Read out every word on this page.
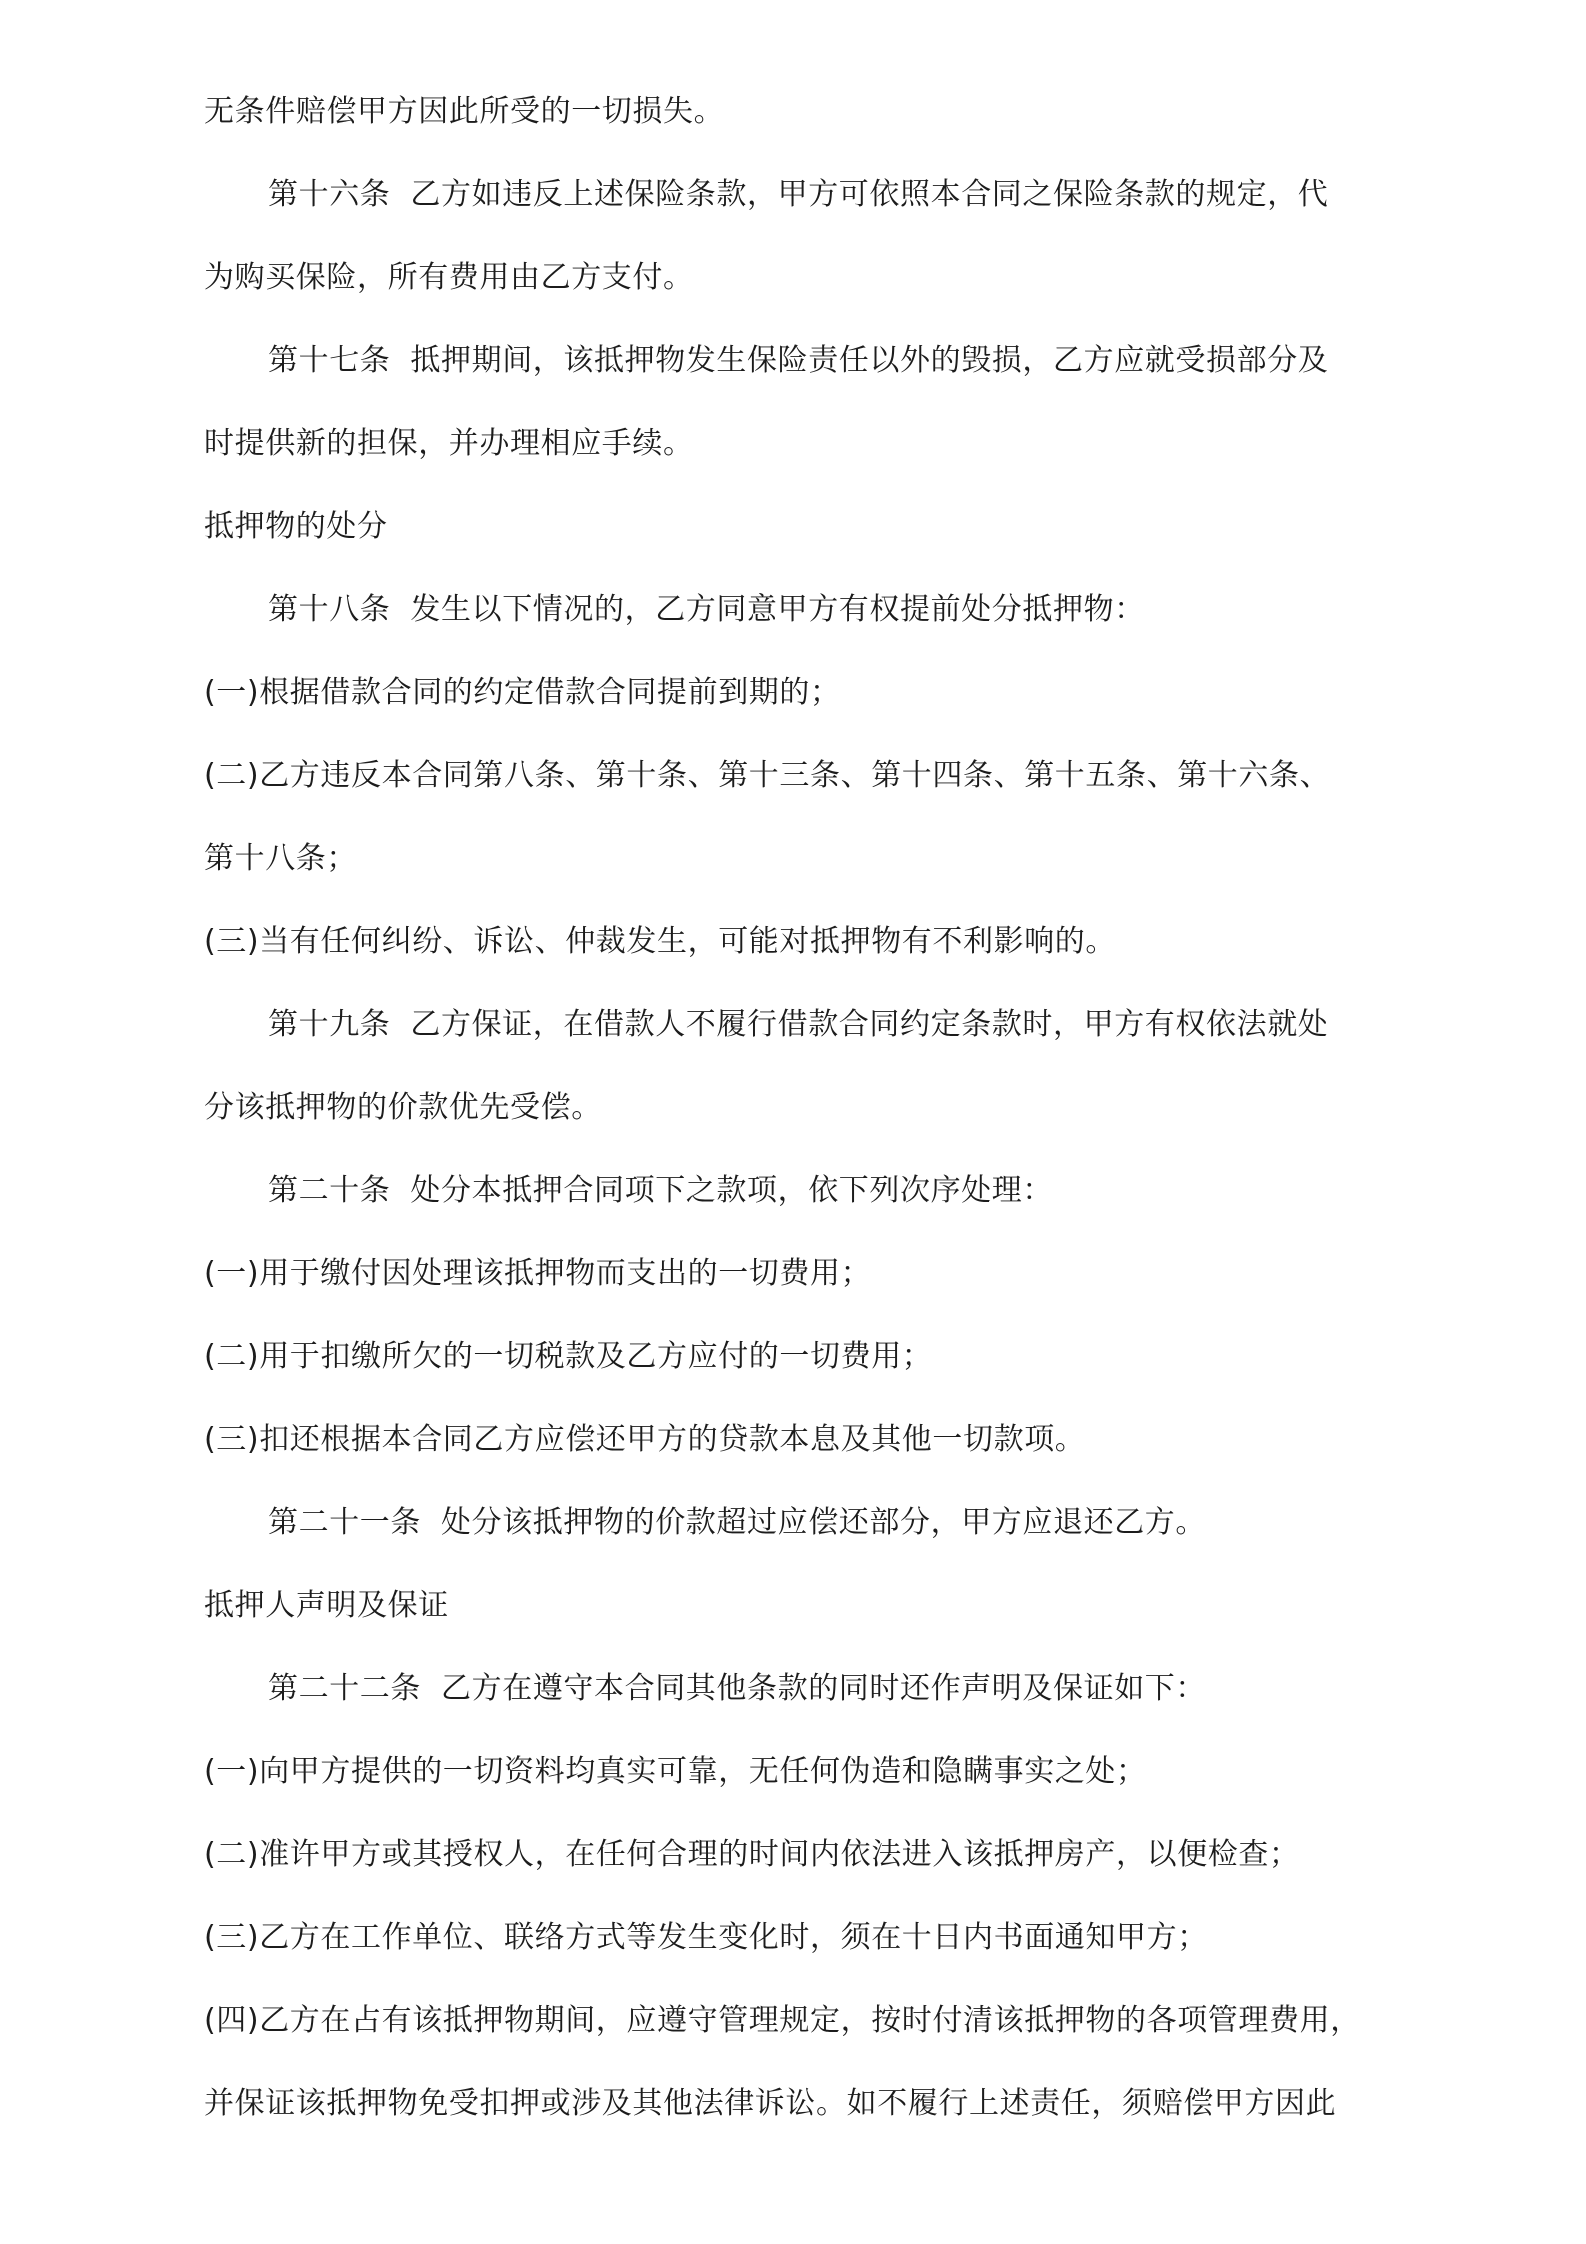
无条件赔偿甲方因此所受的一切损失。
第十六条 乙方如违反上述保险条款，甲方可依照本合同之保险条款的规定，代
为购买保险，所有费用由乙方支付。
第十七条 抵押期间，该抵押物发生保险责任以外的毁损，乙方应就受损部分及
时提供新的担保，并办理相应手续。
抵押物的处分
第十八条 发生以下情况的，乙方同意甲方有权提前处分抵押物：
(一)根据借款合同的约定借款合同提前到期的；
(二)乙方违反本合同第八条、第十条、第十三条、第十四条、第十五条、第十六条、
第十八条；
(三)当有任何纠纷、诉讼、仲裁发生，可能对抵押物有不利影响的。
第十九条 乙方保证，在借款人不履行借款合同约定条款时，甲方有权依法就处
分该抵押物的价款优先受偿。
第二十条 处分本抵押合同项下之款项，依下列次序处理：
(一)用于缴付因处理该抵押物而支出的一切费用；
(二)用于扣缴所欠的一切税款及乙方应付的一切费用；
(三)扣还根据本合同乙方应偿还甲方的贷款本息及其他一切款项。
第二十一条 处分该抵押物的价款超过应偿还部分，甲方应退还乙方。
抵押人声明及保证
第二十二条 乙方在遵守本合同其他条款的同时还作声明及保证如下：
(一)向甲方提供的一切资料均真实可靠，无任何伪造和隐瞒事实之处；
(二)准许甲方或其授权人，在任何合理的时间内依法进入该抵押房产，以便检查；
(三)乙方在工作单位、联络方式等发生变化时，须在十日内书面通知甲方；
(四)乙方在占有该抵押物期间，应遵守管理规定，按时付清该抵押物的各项管理费用，
并保证该抵押物免受扣押或涉及其他法律诉讼。如不履行上述责任，须赔偿甲方因此
